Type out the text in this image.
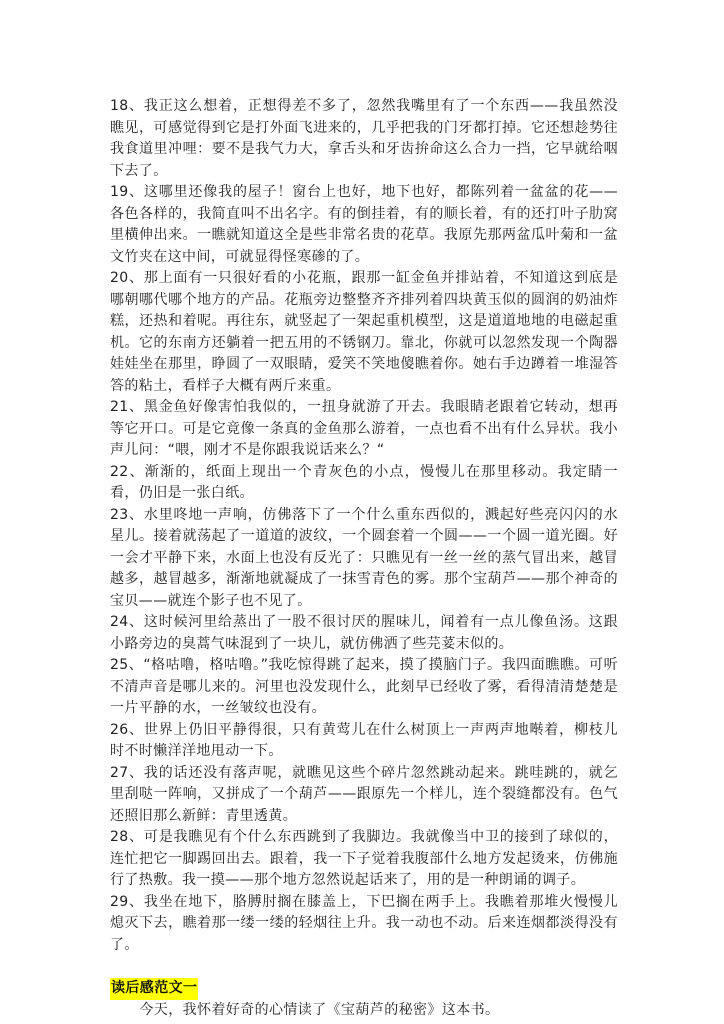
18、我正这么想着，正想得差不多了，忽然我嘴里有了一个东西——我虽然没瞧见，可感觉得到它是打外面飞进来的，几乎把我的门牙都打掉。它还想趁势往我食道里冲哩：要不是我气力大，拿舌头和牙齿拚命这么合力一挡，它早就给咽下去了。

19、这哪里还像我的屋子！窗台上也好，地下也好，都陈列着一盆盆的花——各色各样的，我简直叫不出名字。有的倒挂着，有的顺长着，有的还打叶子肋窝里横伸出来。一瞧就知道这全是些非常名贵的花草。我原先那两盆瓜叶菊和一盆文竹夹在这中间，可就显得怪寒碜的了。

20、那上面有一只很好看的小花瓶，跟那一缸金鱼并排站着，不知道这到底是哪朝哪代哪个地方的产品。花瓶旁边整整齐齐排列着四块黄玉似的圆润的奶油炸糕，还热和着呢。再往东，就竖起了一架起重机模型，这是道道地地的电磁起重机。它的东南方还躺着一把五用的不锈钢刀。靠北，你就可以忽然发现一个陶器娃娃坐在那里，睁圆了一双眼睛，爱笑不笑地傻瞧着你。她右手边蹲着一堆湿答答的粘土，看样子大概有两斤来重。

21、黑金鱼好像害怕我似的，一扭身就游了开去。我眼睛老跟着它转动，想再等它开口。可是它竟像一条真的金鱼那么游着，一点也看不出有什么异状。我小声儿问：“喂，刚才不是你跟我说话来么？“

22、渐渐的，纸面上现出一个青灰色的小点，慢慢儿在那里移动。我定睛一看，仍旧是一张白纸。

23、水里咚地一声响，仿佛落下了一个什么重东西似的，溅起好些亮闪闪的水星儿。接着就荡起了一道道的波纹，一个圆套着一个圆——一个圆一道光圈。好一会才平静下来，水面上也没有反光了：只瞧见有一丝一丝的蒸气冒出来，越冒越多，越冒越多，渐渐地就凝成了一抹雪青色的雾。那个宝葫芦——那个神奇的宝贝——就连个影子也不见了。

24、这时候河里给蒸出了一股不很讨厌的腥味儿，闻着有一点儿像鱼汤。这跟小路旁边的臭蒿气味混到了一块儿，就仿佛洒了些芫荽末似的。

25、“格咕噜，格咕噜。”我吃惊得跳了起来，摸了摸脑门子。我四面瞧瞧。可听不清声音是哪儿来的。河里也没发现什么，此刻早已经收了雾，看得清清楚楚是一片平静的水，一丝皱纹也没有。

26、世界上仍旧平静得很，只有黄莺儿在什么树顶上一声两声地啭着，柳枝儿时不时懒洋洋地甩动一下。

27、我的话还没有落声呢，就瞧见这些个碎片忽然跳动起来。跳哇跳的，就乞里刮哒一阵响，又拼成了一个葫芦——跟原先一个样儿，连个裂缝都没有。色气还照旧那么新鲜：青里透黄。

28、可是我瞧见有个什么东西跳到了我脚边。我就像当中卫的接到了球似的，连忙把它一脚踢回出去。跟着，我一下子觉着我腹部什么地方发起烫来，仿佛施行了热敷。我一摸——那个地方忽然说起话来了，用的是一种朗诵的调子。

29、我坐在地下，胳膊肘搁在膝盖上，下巴搁在两手上。我瞧着那堆火慢慢儿熄灭下去，瞧着那一缕一缕的轻烟往上升。我一动也不动。后来连烟都淡得没有了。

读后感范文一

今天，我怀着好奇的心情读了《宝葫芦的秘密》这本书。
